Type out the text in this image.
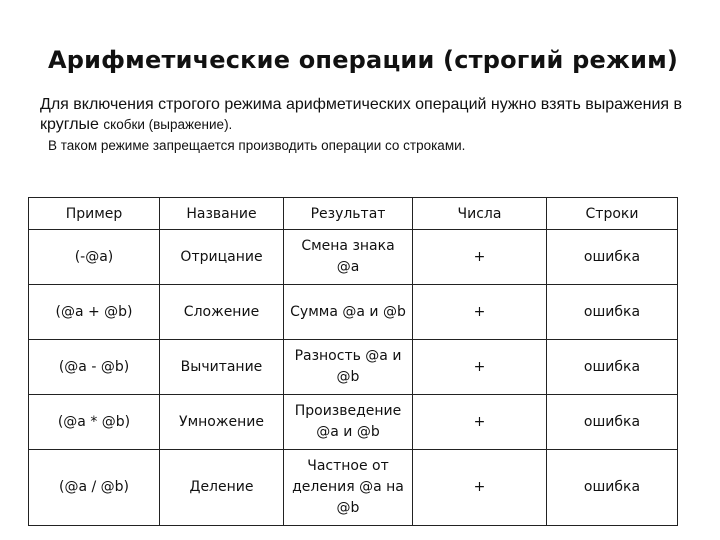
Арифметические операции (строгий режим)
Для включения строгого режима арифметических операций нужно взять выражения в круглые скобки (выражение).
В таком режиме запрещается производить операции со строками.
Пример	Название	Результат	Числа	Строки
(-@a)	Отрицание	Смена знака @a	+	ошибка
(@a + @b)	Сложение	Сумма @a и @b	+	ошибка
(@a - @b)	Вычитание	Разность @a и @b	+	ошибка
(@a * @b)	Умножение	Произведение @a и @b	+	ошибка
(@a / @b)	Деление	Частное от деления @a на @b	+	ошибка
